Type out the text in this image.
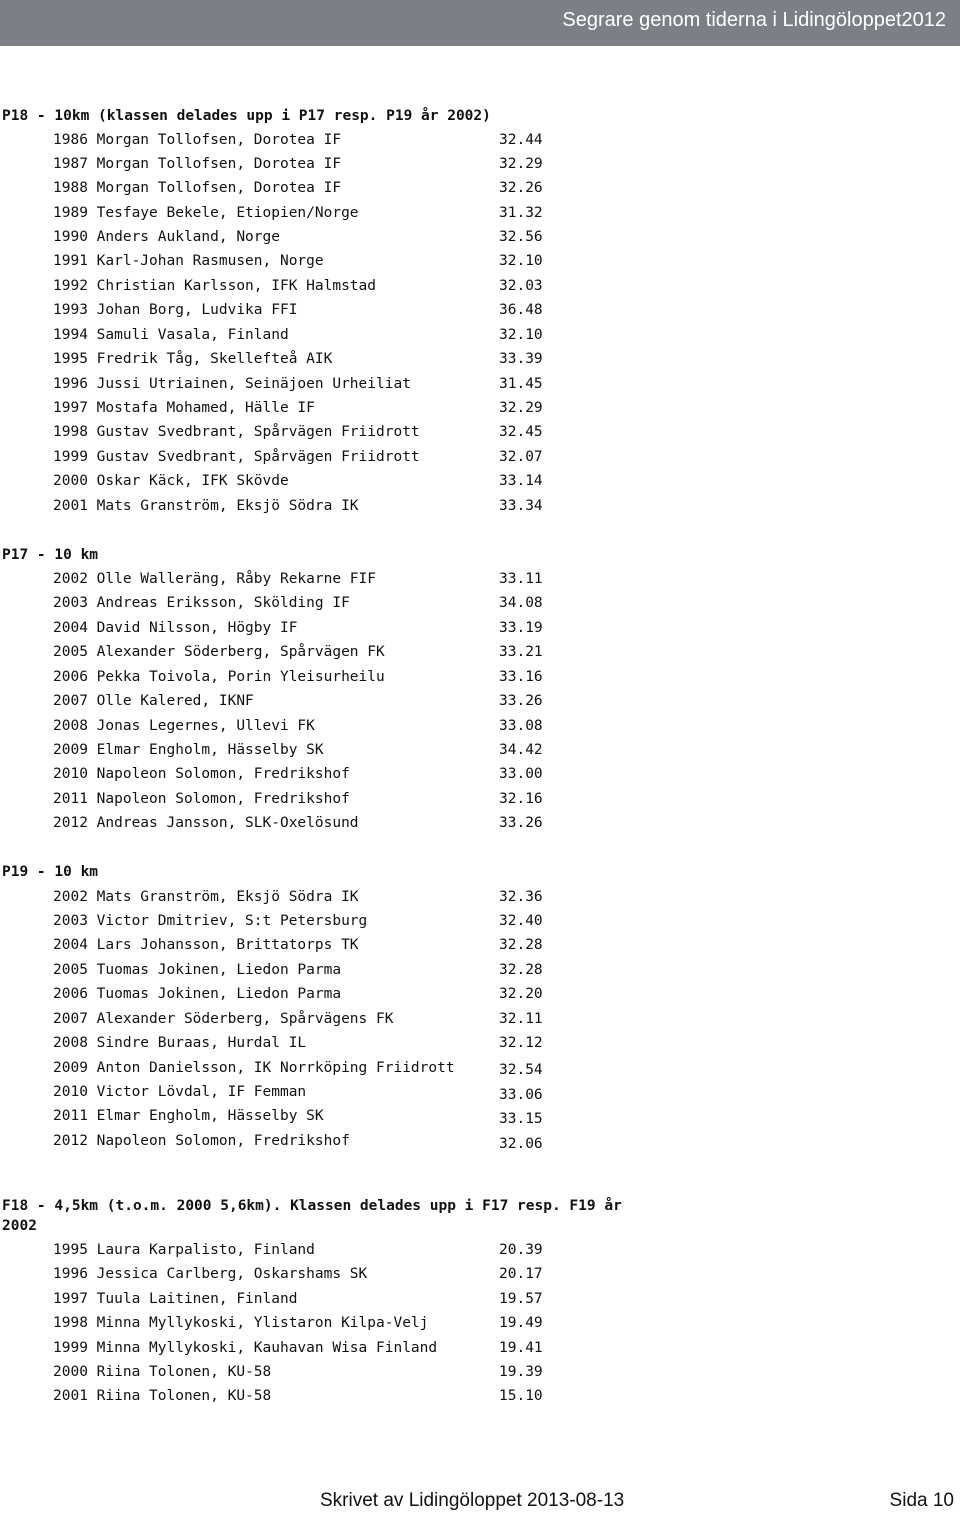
Segrare genom tiderna i Lidingöloppet2012
P18 - 10km (klassen delades upp i P17 resp. P19 år 2002)
1986 Morgan Tollofsen, Dorotea IF	32.44
1987 Morgan Tollofsen, Dorotea IF	32.29
1988 Morgan Tollofsen, Dorotea IF	32.26
1989 Tesfaye Bekele, Etiopien/Norge	31.32
1990 Anders Aukland, Norge	32.56
1991 Karl-Johan Rasmusen, Norge	32.10
1992 Christian Karlsson, IFK Halmstad	32.03
1993 Johan Borg, Ludvika FFI	36.48
1994 Samuli Vasala, Finland	32.10
1995 Fredrik Tåg, Skellefteå AIK	33.39
1996 Jussi Utriainen, Seinäjoen Urheiliat	31.45
1997 Mostafa Mohamed, Hälle IF	32.29
1998 Gustav Svedbrant, Spårvägen Friidrott	32.45
1999 Gustav Svedbrant, Spårvägen Friidrott	32.07
2000 Oskar Käck, IFK Skövde	33.14
2001 Mats Granström, Eksjö Södra IK	33.34
P17 - 10 km
2002 Olle Walleräng, Råby Rekarne FIF	33.11
2003 Andreas Eriksson, Skölding IF	34.08
2004 David Nilsson, Högby IF	33.19
2005 Alexander Söderberg, Spårvägen FK	33.21
2006 Pekka Toivola, Porin Yleisurheilu	33.16
2007 Olle Kalered, IKNF	33.26
2008 Jonas Legernes, Ullevi FK	33.08
2009 Elmar Engholm, Hässelby SK	34.42
2010 Napoleon Solomon, Fredrikshof	33.00
2011 Napoleon Solomon, Fredrikshof	32.16
2012 Andreas Jansson, SLK-Oxelösund	33.26
P19 - 10 km
2002 Mats Granström, Eksjö Södra IK	32.36
2003 Victor Dmitriev, S:t Petersburg	32.40
2004 Lars Johansson, Brittatorps TK	32.28
2005 Tuomas Jokinen, Liedon Parma	32.28
2006 Tuomas Jokinen, Liedon Parma	32.20
2007 Alexander Söderberg, Spårvägens FK	32.11
2008 Sindre Buraas, Hurdal IL	32.12
2009 Anton Danielsson, IK Norrköping Friidrott	32.54
2010 Victor Lövdal, IF Femman	33.06
2011 Elmar Engholm, Hässelby SK	33.15
2012 Napoleon Solomon, Fredrikshof	32.06
F18 - 4,5km (t.o.m. 2000 5,6km). Klassen delades upp i F17 resp. F19 år
2002
1995 Laura Karpalisto, Finland	20.39
1996 Jessica Carlberg, Oskarshams SK	20.17
1997 Tuula Laitinen, Finland	19.57
1998 Minna Myllykoski, Ylistaron Kilpa-Velj	19.49
1999 Minna Myllykoski, Kauhavan Wisa Finland	19.41
2000 Riina Tolonen, KU-58	19.39
2001 Riina Tolonen, KU-58	15.10
Skrivet av Lidingöloppet 2013-08-13	Sida 10
